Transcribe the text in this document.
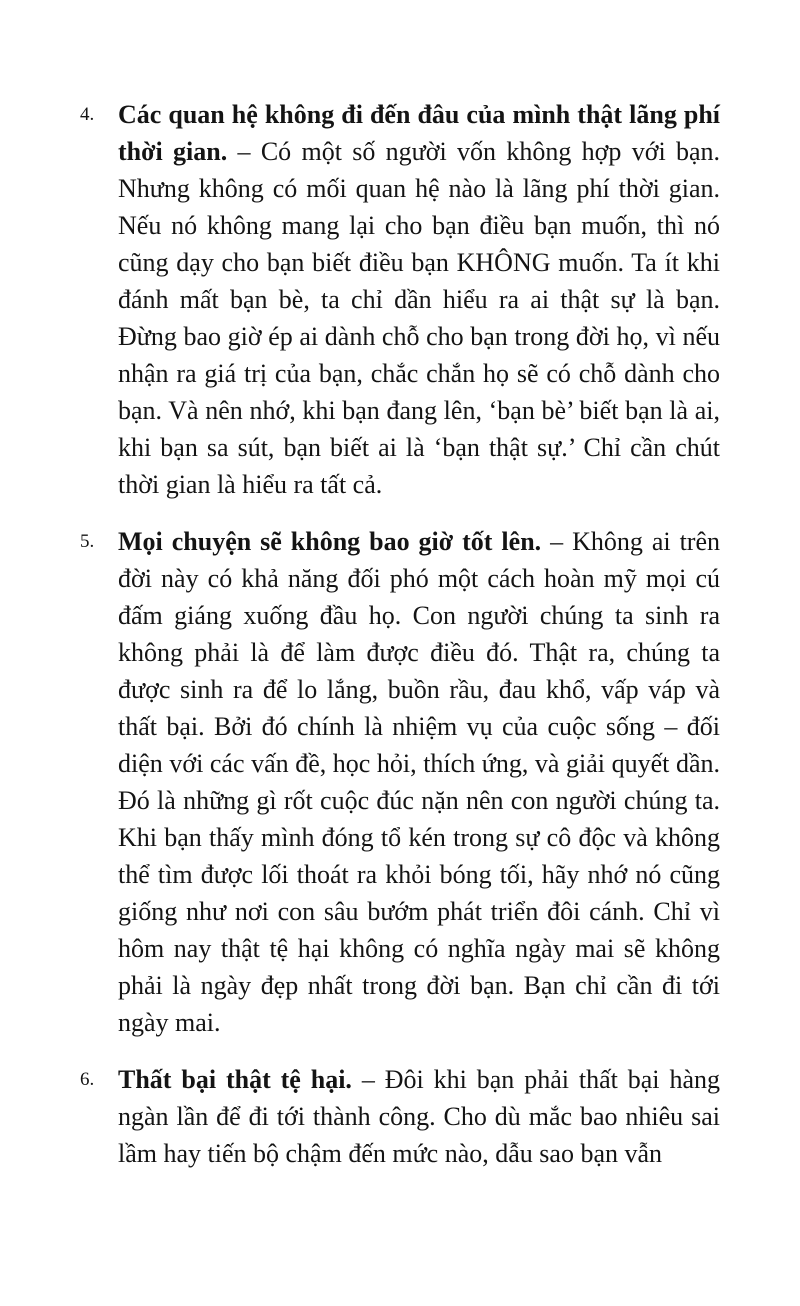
4. Các quan hệ không đi đến đâu của mình thật lãng phí thời gian. – Có một số người vốn không hợp với bạn. Nhưng không có mối quan hệ nào là lãng phí thời gian. Nếu nó không mang lại cho bạn điều bạn muốn, thì nó cũng dạy cho bạn biết điều bạn KHÔNG muốn. Ta ít khi đánh mất bạn bè, ta chỉ dần hiểu ra ai thật sự là bạn. Đừng bao giờ ép ai dành chỗ cho bạn trong đời họ, vì nếu nhận ra giá trị của bạn, chắc chắn họ sẽ có chỗ dành cho bạn. Và nên nhớ, khi bạn đang lên, ‘bạn bè’ biết bạn là ai, khi bạn sa sút, bạn biết ai là ‘bạn thật sự.’ Chỉ cần chút thời gian là hiểu ra tất cả.
5. Mọi chuyện sẽ không bao giờ tốt lên. – Không ai trên đời này có khả năng đối phó một cách hoàn mỹ mọi cú đấm giáng xuống đầu họ. Con người chúng ta sinh ra không phải là để làm được điều đó. Thật ra, chúng ta được sinh ra để lo lắng, buồn rầu, đau khổ, vấp váp và thất bại. Bởi đó chính là nhiệm vụ của cuộc sống – đối diện với các vấn đề, học hỏi, thích ứng, và giải quyết dần. Đó là những gì rốt cuộc đúc nặn nên con người chúng ta. Khi bạn thấy mình đóng tổ kén trong sự cô độc và không thể tìm được lối thoát ra khỏi bóng tối, hãy nhớ nó cũng giống như nơi con sâu bướm phát triển đôi cánh. Chỉ vì hôm nay thật tệ hại không có nghĩa ngày mai sẽ không phải là ngày đẹp nhất trong đời bạn. Bạn chỉ cần đi tới ngày mai.
6. Thất bại thật tệ hại. – Đôi khi bạn phải thất bại hàng ngàn lần để đi tới thành công. Cho dù mắc bao nhiêu sai lầm hay tiến bộ chậm đến mức nào, dẫu sao bạn vẫn
